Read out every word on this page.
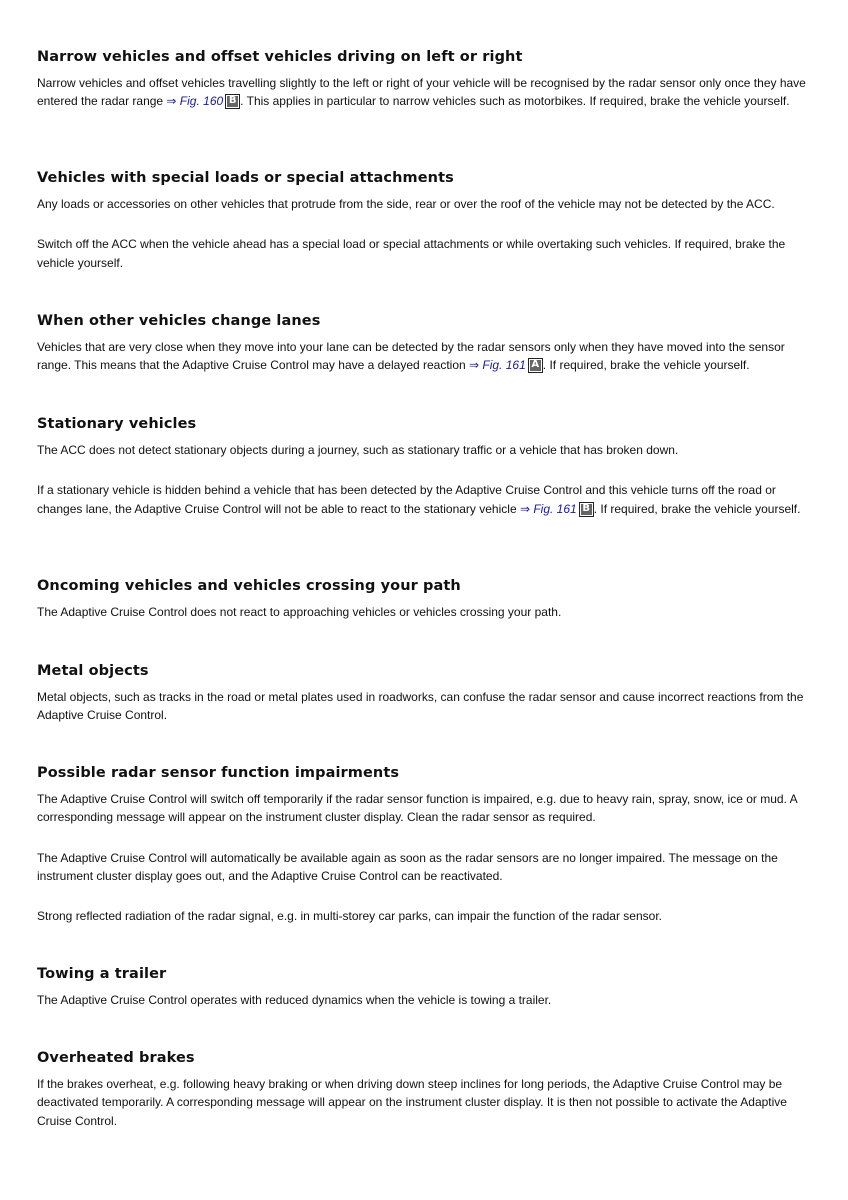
Narrow vehicles and offset vehicles driving on left or right

Narrow vehicles and offset vehicles travelling slightly to the left or right of your vehicle will be recognised by the radar sensor only once they have entered the radar range ⇒ Fig. 160 B . This applies in particular to narrow vehicles such as motorbikes. If required, brake the vehicle yourself.

Vehicles with special loads or special attachments

Any loads or accessories on other vehicles that protrude from the side, rear or over the roof of the vehicle may not be detected by the ACC.

Switch off the ACC when the vehicle ahead has a special load or special attachments or while overtaking such vehicles. If required, brake the vehicle yourself.

When other vehicles change lanes

Vehicles that are very close when they move into your lane can be detected by the radar sensors only when they have moved into the sensor range. This means that the Adaptive Cruise Control may have a delayed reaction ⇒ Fig. 161 A . If required, brake the vehicle yourself.

Stationary vehicles

The ACC does not detect stationary objects during a journey, such as stationary traffic or a vehicle that has broken down.

If a stationary vehicle is hidden behind a vehicle that has been detected by the Adaptive Cruise Control and this vehicle turns off the road or changes lane, the Adaptive Cruise Control will not be able to react to the stationary vehicle ⇒ Fig. 161 B . If required, brake the vehicle yourself.

Oncoming vehicles and vehicles crossing your path

The Adaptive Cruise Control does not react to approaching vehicles or vehicles crossing your path.

Metal objects

Metal objects, such as tracks in the road or metal plates used in roadworks, can confuse the radar sensor and cause incorrect reactions from the Adaptive Cruise Control.

Possible radar sensor function impairments

The Adaptive Cruise Control will switch off temporarily if the radar sensor function is impaired, e.g. due to heavy rain, spray, snow, ice or mud. A corresponding message will appear on the instrument cluster display. Clean the radar sensor as required.

The Adaptive Cruise Control will automatically be available again as soon as the radar sensors are no longer impaired. The message on the instrument cluster display goes out, and the Adaptive Cruise Control can be reactivated.

Strong reflected radiation of the radar signal, e.g. in multi-storey car parks, can impair the function of the radar sensor.

Towing a trailer

The Adaptive Cruise Control operates with reduced dynamics when the vehicle is towing a trailer.

Overheated brakes

If the brakes overheat, e.g. following heavy braking or when driving down steep inclines for long periods, the Adaptive Cruise Control may be deactivated temporarily. A corresponding message will appear on the instrument cluster display. It is then not possible to activate the Adaptive Cruise Control.
